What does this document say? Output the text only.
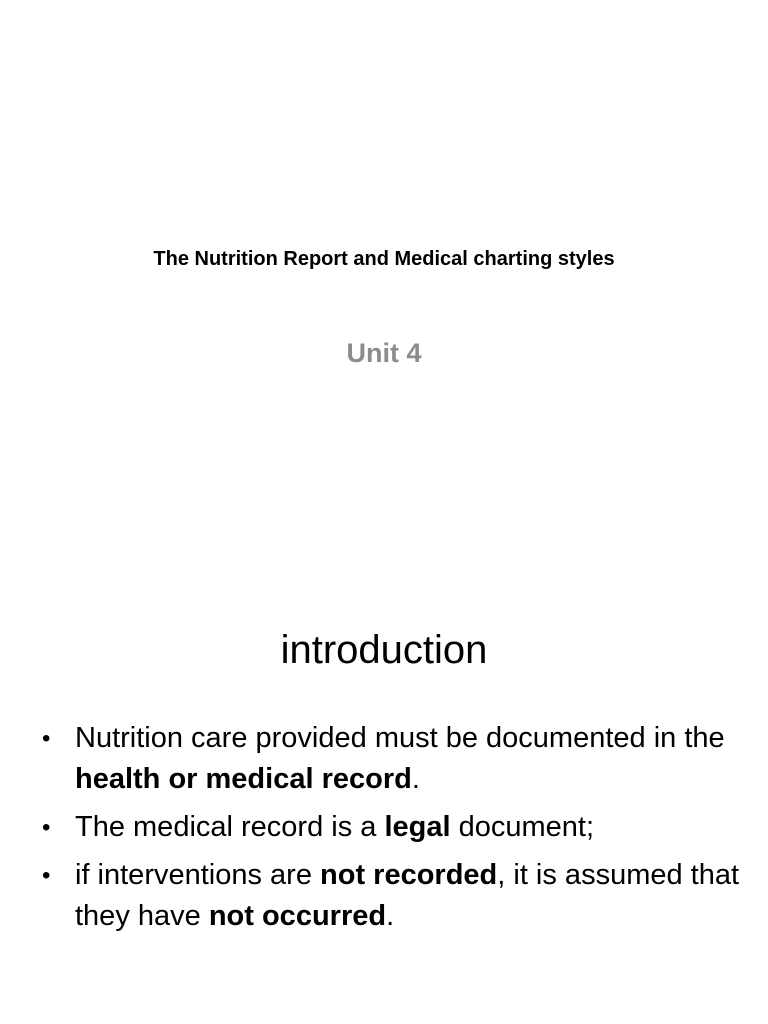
The Nutrition Report and Medical charting styles
Unit 4
introduction
• Nutrition care provided must be documented in the health or medical record.
• The medical record is a legal document;
• if interventions are not recorded, it is assumed that they have not occurred.
